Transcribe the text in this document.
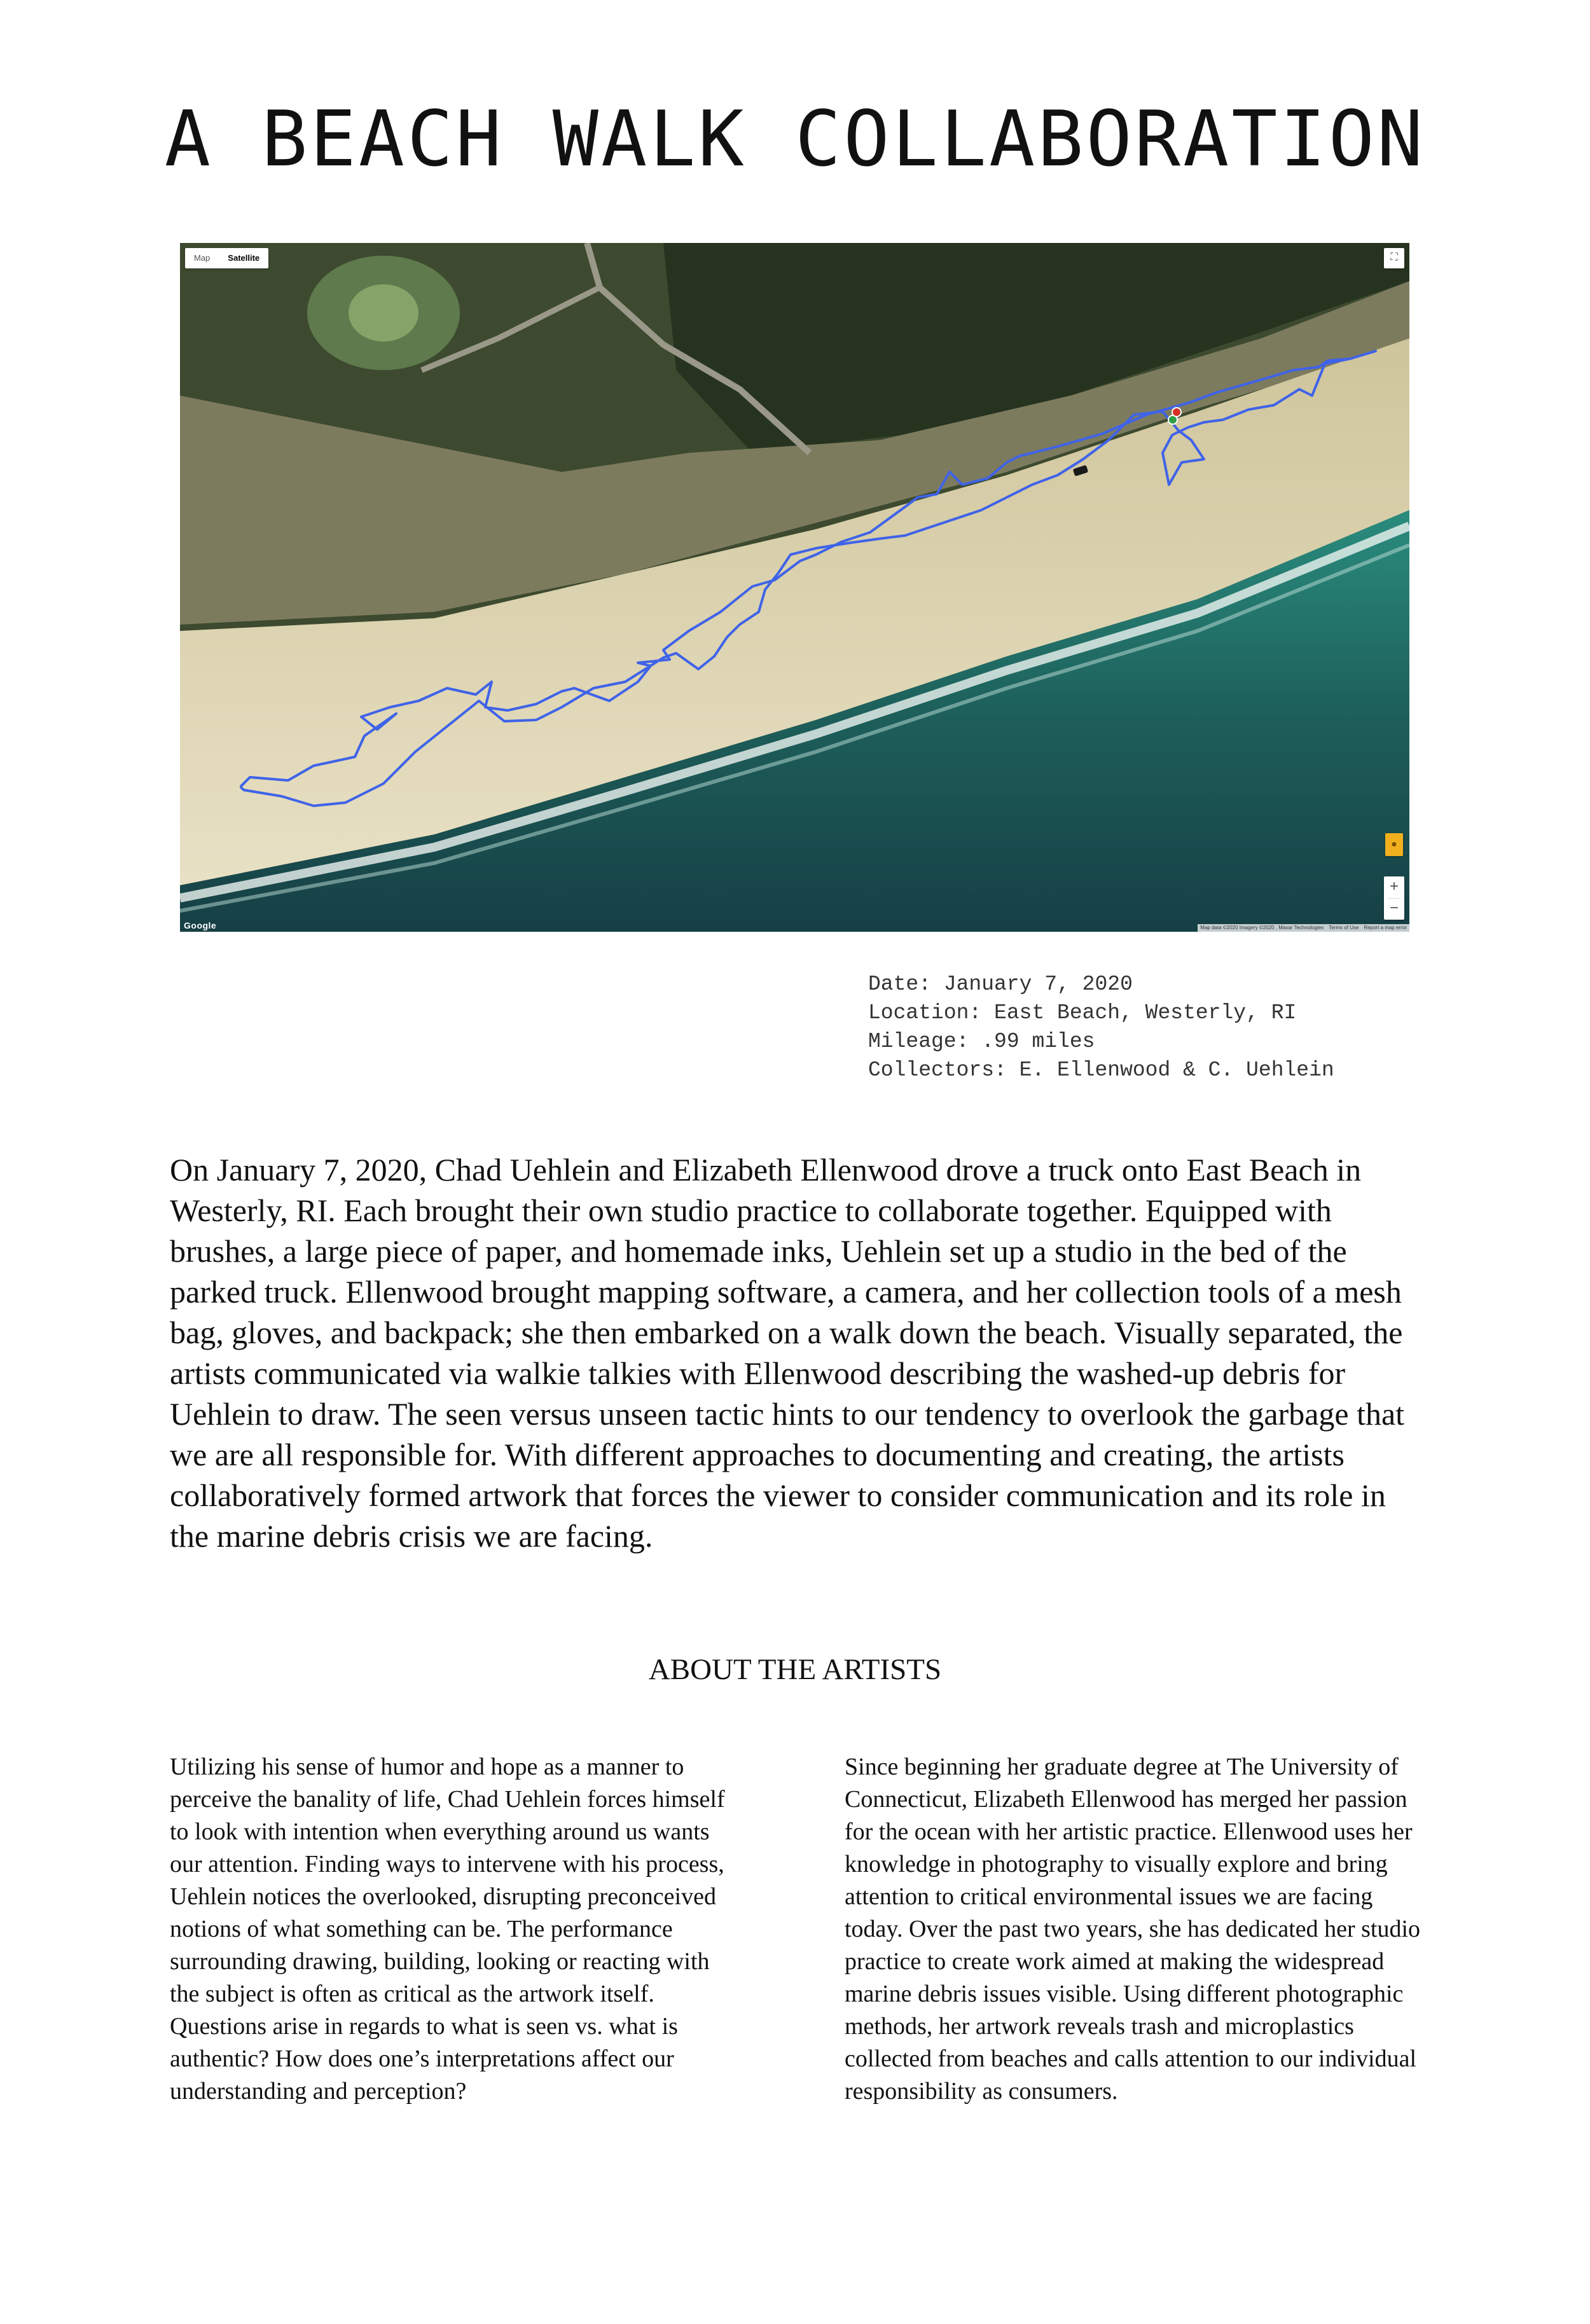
A BEACH WALK COLLABORATION
Map	Satellite	⛶
●
+
−
Google	Map data ©2020 Imagery ©2020 , Maxar Technologies Terms of Use Report a map error
Date: January 7, 2020
Location: East Beach, Westerly, RI
Mileage: .99 miles
Collectors: E. Ellenwood & C. Uehlein

On January 7, 2020, Chad Uehlein and Elizabeth Ellenwood drove a truck onto East Beach in Westerly, RI. Each brought their own studio practice to collaborate together. Equipped with brushes, a large piece of paper, and homemade inks, Uehlein set up a studio in the bed of the parked truck. Ellenwood brought mapping software, a camera, and her collection tools of a mesh bag, gloves, and backpack; she then embarked on a walk down the beach. Visually separated, the artists communicated via walkie talkies with Ellenwood describing the washed-up debris for Uehlein to draw. The seen versus unseen tactic hints to our tendency to overlook the garbage that we are all responsible for. With different approaches to documenting and creating, the artists collaboratively formed artwork that forces the viewer to consider communication and its role in the marine debris crisis we are facing.

ABOUT THE ARTISTS

Utilizing his sense of humor and hope as a manner to perceive the banality of life, Chad Uehlein forces himself to look with intention when everything around us wants our attention. Finding ways to intervene with his process, Uehlein notices the overlooked, disrupting preconceived notions of what something can be. The performance surrounding drawing, building, looking or reacting with the subject is often as critical as the artwork itself. Questions arise in regards to what is seen vs. what is authentic? How does one’s interpretations affect our understanding and perception?

Since beginning her graduate degree at The University of Connecticut, Elizabeth Ellenwood has merged her passion for the ocean with her artistic practice. Ellenwood uses her knowledge in photography to visually explore and bring attention to critical environmental issues we are facing today. Over the past two years, she has dedicated her studio practice to create work aimed at making the widespread marine debris issues visible. Using different photographic methods, her artwork reveals trash and microplastics collected from beaches and calls attention to our individual responsibility as consumers.
